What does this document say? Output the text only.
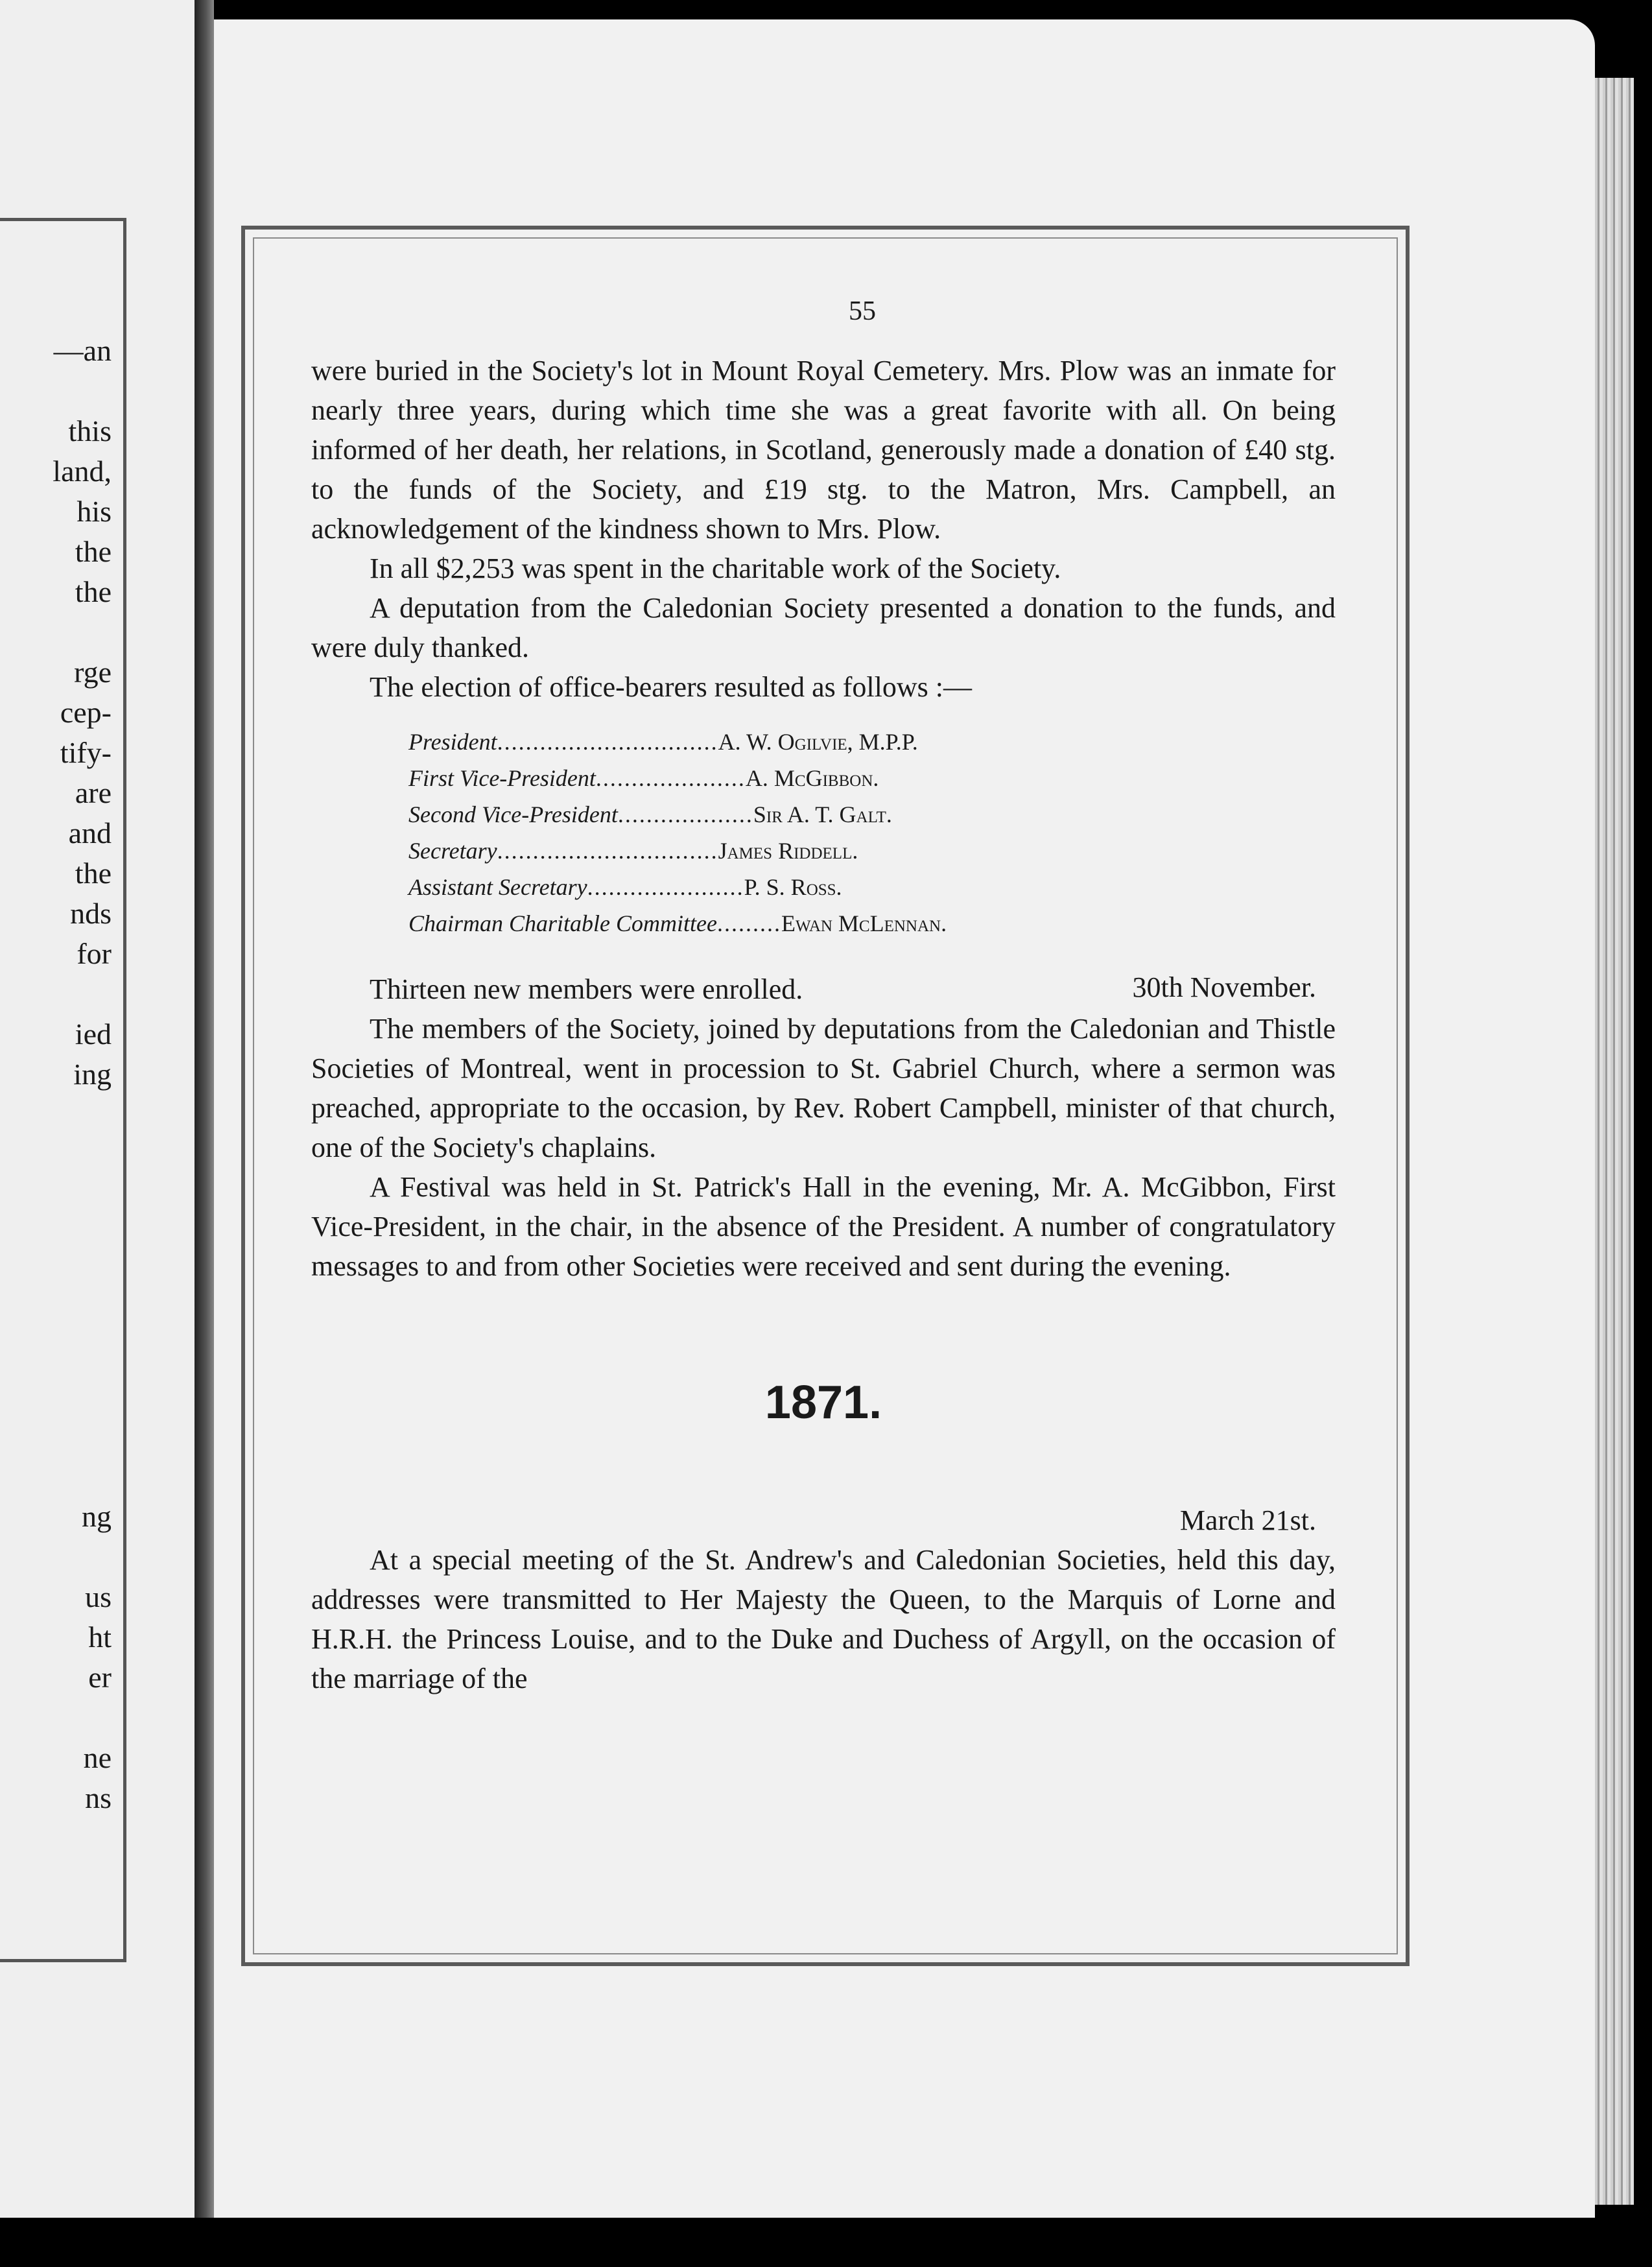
—an
this
land,
his
the
the
rge
cep-
tify-
are
and
the
nds
for
ied
ing
ng
us
ht
er
ne
ns
55

were buried in the Society's lot in Mount Royal Cemetery. Mrs. Plow was an inmate for nearly three years, during which time she was a great favorite with all. On being informed of her death, her relations, in Scotland, generously made a donation of £40 stg. to the funds of the Society, and £19 stg. to the Matron, Mrs. Campbell, an acknowledgement of the kindness shown to Mrs. Plow.

In all $2,253 was spent in the charitable work of the Society.

A deputation from the Caledonian Society presented a donation to the funds, and were duly thanked.

The election of office-bearers resulted as follows :—

President ............................... A. W. Ogilvie, M.P.P.
First Vice-President ..................... A. McGibbon.
Second Vice-President ................... Sir A. T. Galt.
Secretary ............................... James Riddell.
Assistant Secretary ...................... P. S. Ross.
Chairman Charitable Committee ......... Ewan McLennan.
30th November.

Thirteen new members were enrolled.

The members of the Society, joined by deputations from the Caledonian and Thistle Societies of Montreal, went in procession to St. Gabriel Church, where a sermon was preached, appropriate to the occasion, by Rev. Robert Campbell, minister of that church, one of the Society's chaplains.

A Festival was held in St. Patrick's Hall in the evening, Mr. A. McGibbon, First Vice-President, in the chair, in the absence of the President. A number of congratulatory messages to and from other Societies were received and sent during the evening.

1871.
March 21st.

At a special meeting of the St. Andrew's and Caledonian Societies, held this day, addresses were transmitted to Her Majesty the Queen, to the Marquis of Lorne and H.R.H. the Princess Louise, and to the Duke and Duchess of Argyll, on the occasion of the marriage of the
